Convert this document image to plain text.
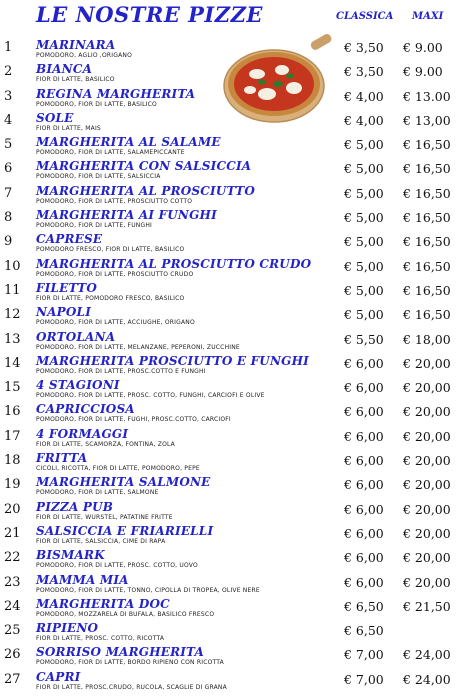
LE NOSTRE PIZZE	CLASSICA MAXI
1	MARINARA
POMODORO, AGLIO ,ORIGANO
€ 3,50 € 9.00
2	BIANCA
FIOR DI LATTE, BASILICO
€ 3,50 € 9.00
3	REGINA MARGHERITA
POMODORO, FIOR DI LATTE, BASILICO
€ 4,00 € 13.00
4	SOLE
FIOR DI LATTE, MAIS
€ 4,00 € 13,00
5	MARGHERITA AL SALAME
POMODORO, FIOR DI LATTE, SALAMEPICCANTE
€ 5,00 € 16,50
6	MARGHERITA CON SALSICCIA
POMODORO, FIOR DI LATTE, SALSICCIA
€ 5,00 € 16,50
7	MARGHERITA AL PROSCIUTTO
POMODORO, FIOR DI LATTE, PROSCIUTTO COTTO
€ 5,00 € 16,50
8	MARGHERITA AI FUNGHI
POMODORO, FIOR DI LATTE, FUNGHI
€ 5,00 € 16,50
9	CAPRESE
POMODORO FRESCO, FIOR DI LATTE, BASILICO
€ 5,00 € 16,50
10	MARGHERITA AL PROSCIUTTO CRUDO
POMODORO, FIOR DI LATTE, PROSCIUTTO CRUDO
€ 5,00 € 16,50
11	FILETTO
FIOR DI LATTE, POMODORO FRESCO, BASILICO
€ 5,00 € 16,50
12	NAPOLI
POMODORO, FIOR DI LATTE, ACCIUGHE, ORIGANO
€ 5,00 € 16,50
13	ORTOLANA
POMODORO, FIOR DI LATTE, MELANZANE, PEPERONI, ZUCCHINE
€ 5,50 € 18,00
14	MARGHERITA PROSCIUTTO E FUNGHI
POMODORO, FIOR DI LATTE, PROSC.COTTO E FUNGHI
€ 6,00 € 20,00
15	4 STAGIONI
POMODORO, FIOR DI LATTE, PROSC. COTTO, FUNGHI, CARCIOFI E OLIVE
€ 6,00 € 20,00
16	CAPRICCIOSA
POMODORO, FIOR DI LATTE, FUGHI, PROSC.COTTO, CARCIOFI
€ 6,00 € 20,00
17	4 FORMAGGI
FIOR DI LATTE, SCAMORZA, FONTINA, ZOLA
€ 6,00 € 20,00
18	FRITTA
CICOLI, RICOTTA, FIOR DI LATTE, POMODORO, PEPE
€ 6,00 € 20,00
19	MARGHERITA SALMONE
POMODORO, FIOR DI LATTE, SALMONE
€ 6,00 € 20,00
20	PIZZA PUB
FIOR DI LATTE, WURSTEL, PATATINE FRITTE
€ 6,00 € 20,00
21	SALSICCIA E FRIARIELLI
FIOR DI LATTE, SALSICCIA, CIME DI RAPA
€ 6,00 € 20,00
22	BISMARK
POMODORO, FIOR DI LATTE, PROSC. COTTO, UOVO
€ 6,00 € 20,00
23	MAMMA MIA
POMODORO, FIOR DI LATTE, TONNO, CIPOLLA DI TROPEA, OLIVE NERE
€ 6,00 € 20,00
24	MARGHERITA DOC
POMODORO, MOZZARELA DI BUFALA, BASILICO FRESCO
€ 6,50 € 21,50
25	RIPIENO
FIOR DI LATTE, PROSC. COTTO, RICOTTA
€ 6,50
26	SORRISO MARGHERITA
POMODORO, FIOR DI LATTE, BORDO RIPIENO CON RICOTTA
€ 7,00 € 24,00
27	CAPRI
FIOR DI LATTE, PROSC.CRUDO, RUCOLA, SCAGLIE DI GRANA
€ 7,00 € 24,00
